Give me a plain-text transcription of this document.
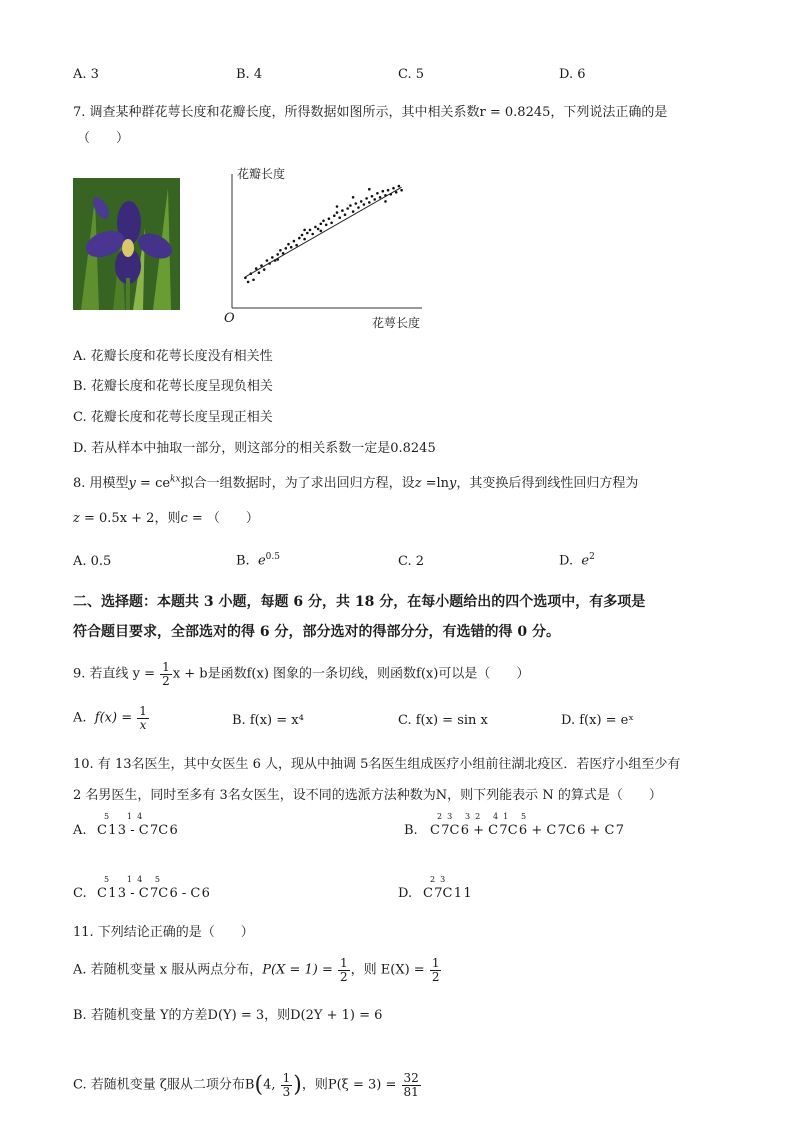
A. 3	B. 4	C. 5	D. 6
7. 调查某种群花萼长度和花瓣长度，所得数据如图所示，其中相关系数r = 0.8245，下列说法正确的是
（　　）
花瓣长度
花萼长度
O
A. 花瓣长度和花萼长度没有相关性
B. 花瓣长度和花萼长度呈现负相关
C. 花瓣长度和花萼长度呈现正相关
D. 若从样本中抽取一部分，则这部分的相关系数一定是0.8245
8. 用模型$y = ce^{kx}$拟合一组数据时，为了求出回归方程，设z =lny，其变换后得到线性回归方程为
z = 0.5x + 2，则c = （　　）
A. 0.5	B. $e^{0.5}$	C. 2	D. $e^2$
二、选择题：本题共 3 小题，每题 6 分，共 18 分，在每小题给出的四个选项中，有多项是
符合题目要求，全部选对的得 6 分，部分选对的得部分分，有选错的得 0 分。
9. 若直线 $y = \frac{1}{2}$ x + b是函数f(x) 图象的一条切线，则函数f(x)可以是（　　）
A. $f(x) = \frac{1}{x}$	B. f(x) = x⁴	C. f(x) = sin x	D. f(x) = eˣ
10. 有 13名医生，其中女医生 6 人，现从中抽调 5名医生组成医疗小组前往湖北疫区．若医疗小组至少有
2 名男医生，同时至多有 3名女医生，设不同的选派方法种数为N，则下列能表示 N 的算式是（　　）
A.
5       1  4
C 1 3 - C 7C 6	B.
2  3     3  2     4  1     5
C 7C 6 + C 7C 6 + C 7C 6 + C 7
C.
5       1  4     5
C 1 3 - C 7C 6 - C 6	D.
2  3
C 7C 1 1
11. 下列结论正确的是（　　）
A. 若随机变量 x 服从两点分布，$P(X = 1) = \frac{1}{2}$ ，则 $E(X) = \frac{1}{2}$
B. 若随机变量 Y的方差D(Y) = 3，则D(2Y + 1) = 6
C. 若随机变量 ζ服从二项分布B(4, $\frac{1}{3}$ )，则$P(\xi = 3) = \frac{32}{81}$
